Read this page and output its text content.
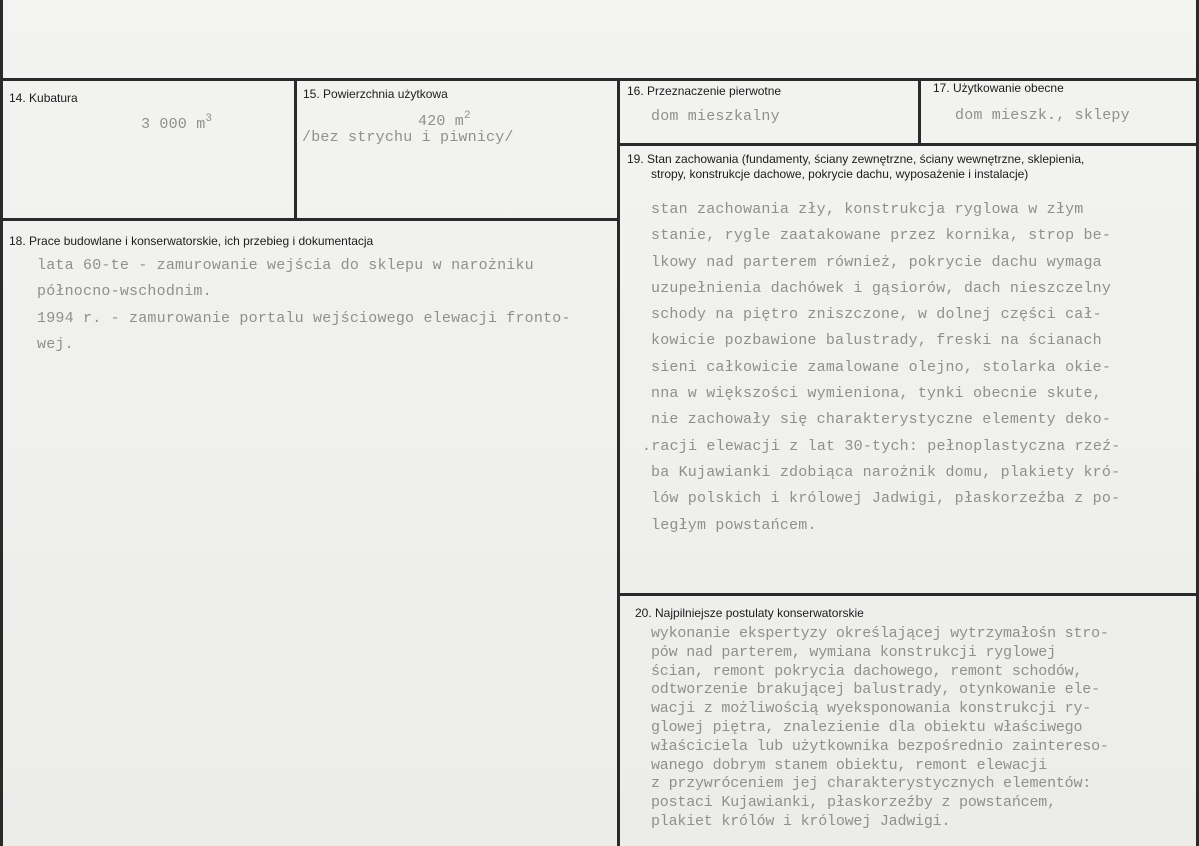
14. Kubatura
3 000 $m^3$
15. Powierzchnia użytkowa
420 $m^2$
/bez strychu i piwnicy/
16. Przeznaczenie pierwotne
dom mieszkalny
17. Użytkowanie obecne
dom mieszk., sklepy
19. Stan zachowania (fundamenty, ściany zewnętrzne, ściany wewnętrzne, sklepienia,
stropy, konstrukcje dachowe, pokrycie dachu, wyposażenie i instalacje)
stan zachowania zły, konstrukcja ryglowa w złym
stanie, rygle zaatakowane przez kornika, strop be-
lkowy nad parterem również, pokrycie dachu wymaga
uzupełnienia dachówek i gąsiorów, dach nieszczelny
schody na piętro zniszczone, w dolnej części cał-
kowicie pozbawione balustrady, freski na ścianach
sieni całkowicie zamalowane olejno, stolarka okie-
nna w większości wymieniona, tynki obecnie skute,
nie zachowały się charakterystyczne elementy deko-
.racji elewacji z lat 30-tych: pełnoplastyczna rzeź-
ba Kujawianki zdobiąca narożnik domu, plakiety kró-
lów polskich i królowej Jadwigi, płaskorzeźba z po-
ległym powstańcem.
18. Prace budowlane i konserwatorskie, ich przebieg i dokumentacja
lata 60-te - zamurowanie wejścia do sklepu w narożniku
północno-wschodnim.
1994 r. - zamurowanie portalu wejściowego elewacji fronto-
wej.
20. Najpilniejsze postulaty konserwatorskie
wykonanie ekspertyzy określającej wytrzymałośn stro-
pów nad parterem, wymiana konstrukcji ryglowej
ścian, remont pokrycia dachowego, remont schodów,
odtworzenie brakującej balustrady, otynkowanie ele-
wacji z możliwością wyeksponowania konstrukcji ry-
glowej piętra, znalezienie dla obiektu właściwego
właściciela lub użytkownika bezpośrednio zaintereso-
wanego dobrym stanem obiektu, remont elewacji
z przywróceniem jej charakterystycznych elementów:
postaci Kujawianki, płaskorzeźby z powstańcem,
plakiet królów i królowej Jadwigi.
